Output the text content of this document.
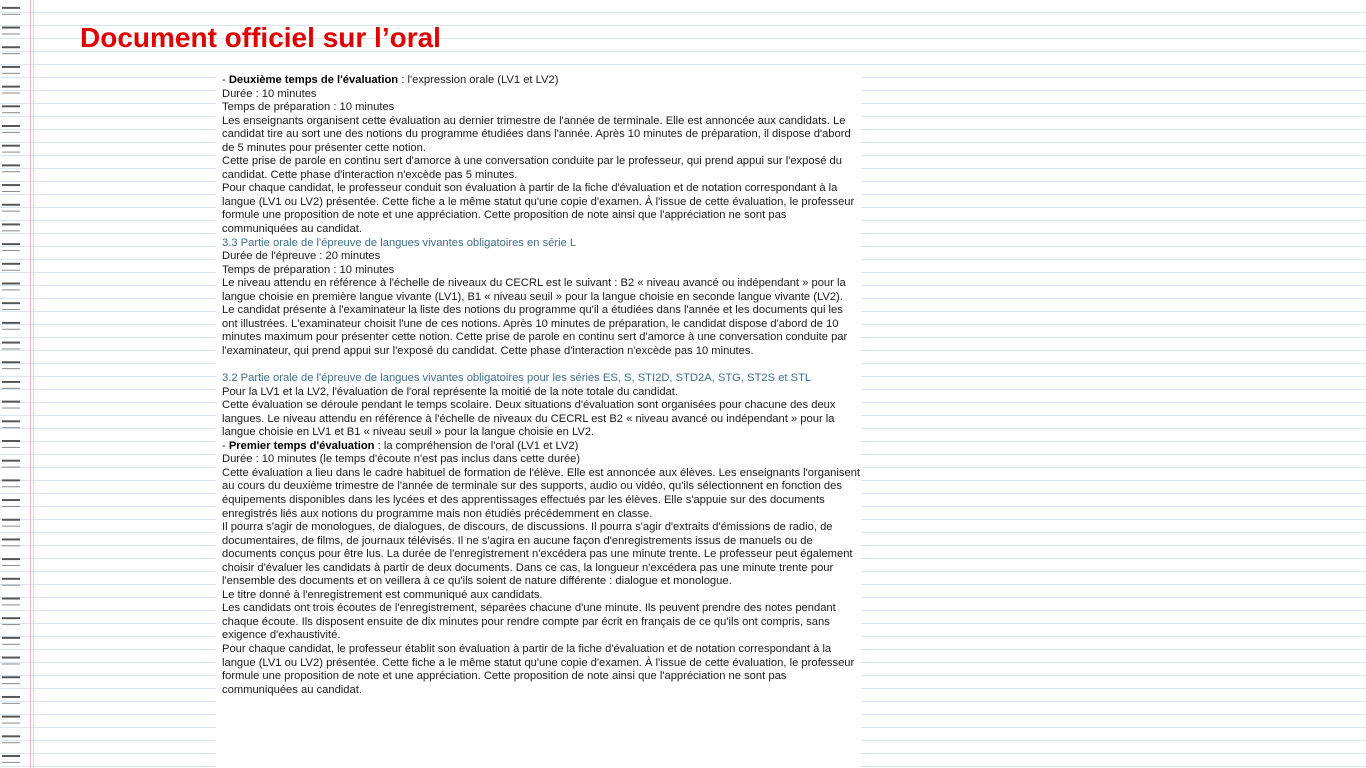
Document officiel sur l’oral

- Deuxième temps de l'évaluation : l'expression orale (LV1 et LV2)

Durée : 10 minutes

Temps de préparation : 10 minutes

Les enseignants organisent cette évaluation au dernier trimestre de l'année de terminale. Elle est annoncée aux candidats. Le candidat tire au sort une des notions du programme étudiées dans l'année. Après 10 minutes de préparation, il dispose d'abord de 5 minutes pour présenter cette notion.

Cette prise de parole en continu sert d'amorce à une conversation conduite par le professeur, qui prend appui sur l'exposé du candidat. Cette phase d'interaction n'excède pas 5 minutes.

Pour chaque candidat, le professeur conduit son évaluation à partir de la fiche d'évaluation et de notation correspondant à la langue (LV1 ou LV2) présentée. Cette fiche a le même statut qu'une copie d'examen. À l'issue de cette évaluation, le professeur formule une proposition de note et une appréciation. Cette proposition de note ainsi que l'appréciation ne sont pas communiquées au candidat.

3.3 Partie orale de l'épreuve de langues vivantes obligatoires en série L

Durée de l'épreuve : 20 minutes

Temps de préparation : 10 minutes

Le niveau attendu en référence à l'échelle de niveaux du CECRL est le suivant : B2 « niveau avancé ou indépendant » pour la langue choisie en première langue vivante (LV1), B1 « niveau seuil » pour la langue choisie en seconde langue vivante (LV2).

Le candidat présente à l'examinateur la liste des notions du programme qu'il a étudiées dans l'année et les documents qui les ont illustrées. L'examinateur choisit l'une de ces notions. Après 10 minutes de préparation, le candidat dispose d'abord de 10 minutes maximum pour présenter cette notion. Cette prise de parole en continu sert d'amorce à une conversation conduite par l'examinateur, qui prend appui sur l'exposé du candidat. Cette phase d'interaction n'excède pas 10 minutes.

3.2 Partie orale de l'épreuve de langues vivantes obligatoires pour les séries ES, S, STI2D, STD2A, STG, ST2S et STL

Pour la LV1 et la LV2, l'évaluation de l'oral représente la moitié de la note totale du candidat.

Cette évaluation se déroule pendant le temps scolaire. Deux situations d'évaluation sont organisées pour chacune des deux langues. Le niveau attendu en référence à l'échelle de niveaux du CECRL est B2 « niveau avancé ou indépendant » pour la langue choisie en LV1 et B1 « niveau seuil » pour la langue choisie en LV2.

- Premier temps d'évaluation : la compréhension de l'oral (LV1 et LV2)

Durée : 10 minutes (le temps d'écoute n'est pas inclus dans cette durée)

Cette évaluation a lieu dans le cadre habituel de formation de l'élève. Elle est annoncée aux élèves. Les enseignants l'organisent au cours du deuxième trimestre de l'année de terminale sur des supports, audio ou vidéo, qu'ils sélectionnent en fonction des équipements disponibles dans les lycées et des apprentissages effectués par les élèves. Elle s'appuie sur des documents enregistrés liés aux notions du programme mais non étudiés précédemment en classe.

Il pourra s'agir de monologues, de dialogues, de discours, de discussions. Il pourra s'agir d'extraits d'émissions de radio, de documentaires, de films, de journaux télévisés. Il ne s'agira en aucune façon d'enregistrements issus de manuels ou de documents conçus pour être lus. La durée de l'enregistrement n'excédera pas une minute trente. Le professeur peut également choisir d'évaluer les candidats à partir de deux documents. Dans ce cas, la longueur n'excédera pas une minute trente pour l'ensemble des documents et on veillera à ce qu'ils soient de nature différente : dialogue et monologue.

Le titre donné à l'enregistrement est communiqué aux candidats.

Les candidats ont trois écoutes de l'enregistrement, séparées chacune d'une minute. Ils peuvent prendre des notes pendant chaque écoute. Ils disposent ensuite de dix minutes pour rendre compte par écrit en français de ce qu'ils ont compris, sans exigence d'exhaustivité.

Pour chaque candidat, le professeur établit son évaluation à partir de la fiche d'évaluation et de notation correspondant à la langue (LV1 ou LV2) présentée. Cette fiche a le même statut qu'une copie d'examen. À l'issue de cette évaluation, le professeur formule une proposition de note et une appréciation. Cette proposition de note ainsi que l'appréciation ne sont pas communiquées au candidat.
